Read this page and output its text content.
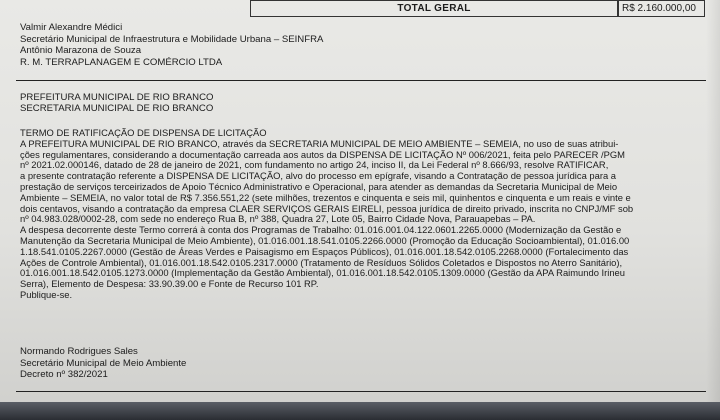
TOTAL GERAL	R$ 2.160.000,00
Valmir Alexandre Médici
Secretário Municipal de Infraestrutura e Mobilidade Urbana – SEINFRA
Antônio Marazona de Souza
R. M. TERRAPLANAGEM E COMÉRCIO LTDA
PREFEITURA MUNICIPAL DE RIO BRANCO
SECRETARIA MUNICIPAL DE RIO BRANCO
TERMO DE RATIFICAÇÃO DE DISPENSA DE LICITAÇÃO
A PREFEITURA MUNICIPAL DE RIO BRANCO, através da SECRETARIA MUNICIPAL DE MEIO AMBIENTE – SEMEIA, no uso de suas atribui-
ções regulamentares, considerando a documentação carreada aos autos da DISPENSA DE LICITAÇÃO Nº 006/2021, feita pelo PARECER /PGM
nº 2021.02.000146, datado de 28 de janeiro de 2021, com fundamento no artigo 24, inciso II, da Lei Federal nº 8.666/93, resolve RATIFICAR,
a presente contratação referente a DISPENSA DE LICITAÇÃO, alvo do processo em epígrafe, visando a Contratação de pessoa jurídica para a
prestação de serviços terceirizados de Apoio Técnico Administrativo e Operacional, para atender as demandas da Secretaria Municipal de Meio
Ambiente – SEMEIA, no valor total de R$ 7.356.551,22 (sete milhões, trezentos e cinquenta e seis mil, quinhentos e cinquenta e um reais e vinte e
dois centavos, visando a contratação da empresa CLAER SERVIÇOS GERAIS EIRELI, pessoa jurídica de direito privado, inscrita no CNPJ/MF sob
nº 04.983.028/0002-28, com sede no endereço Rua B, nº 388, Quadra 27, Lote 05, Bairro Cidade Nova, Parauapebas – PA.
A despesa decorrente deste Termo correrá à conta dos Programas de Trabalho: 01.016.001.04.122.0601.2265.0000 (Modernização da Gestão e
Manutenção da Secretaria Municipal de Meio Ambiente), 01.016.001.18.541.0105.2266.0000 (Promoção da Educação Socioambiental), 01.016.00
1.18.541.0105.2267.0000 (Gestão de Áreas Verdes e Paisagismo em Espaços Públicos), 01.016.001.18.542.0105.2268.0000 (Fortalecimento das
Ações de Controle Ambiental), 01.016.001.18.542.0105.2317.0000 (Tratamento de Resíduos Sólidos Coletados e Dispostos no Aterro Sanitário),
01.016.001.18.542.0105.1273.0000 (Implementação da Gestão Ambiental), 01.016.001.18.542.0105.1309.0000 (Gestão da APA Raimundo Irineu
Serra), Elemento de Despesa: 33.90.39.00 e Fonte de Recurso 101 RP.
Publique-se.
Normando Rodrigues Sales
Secretário Municipal de Meio Ambiente
Decreto nº 382/2021
